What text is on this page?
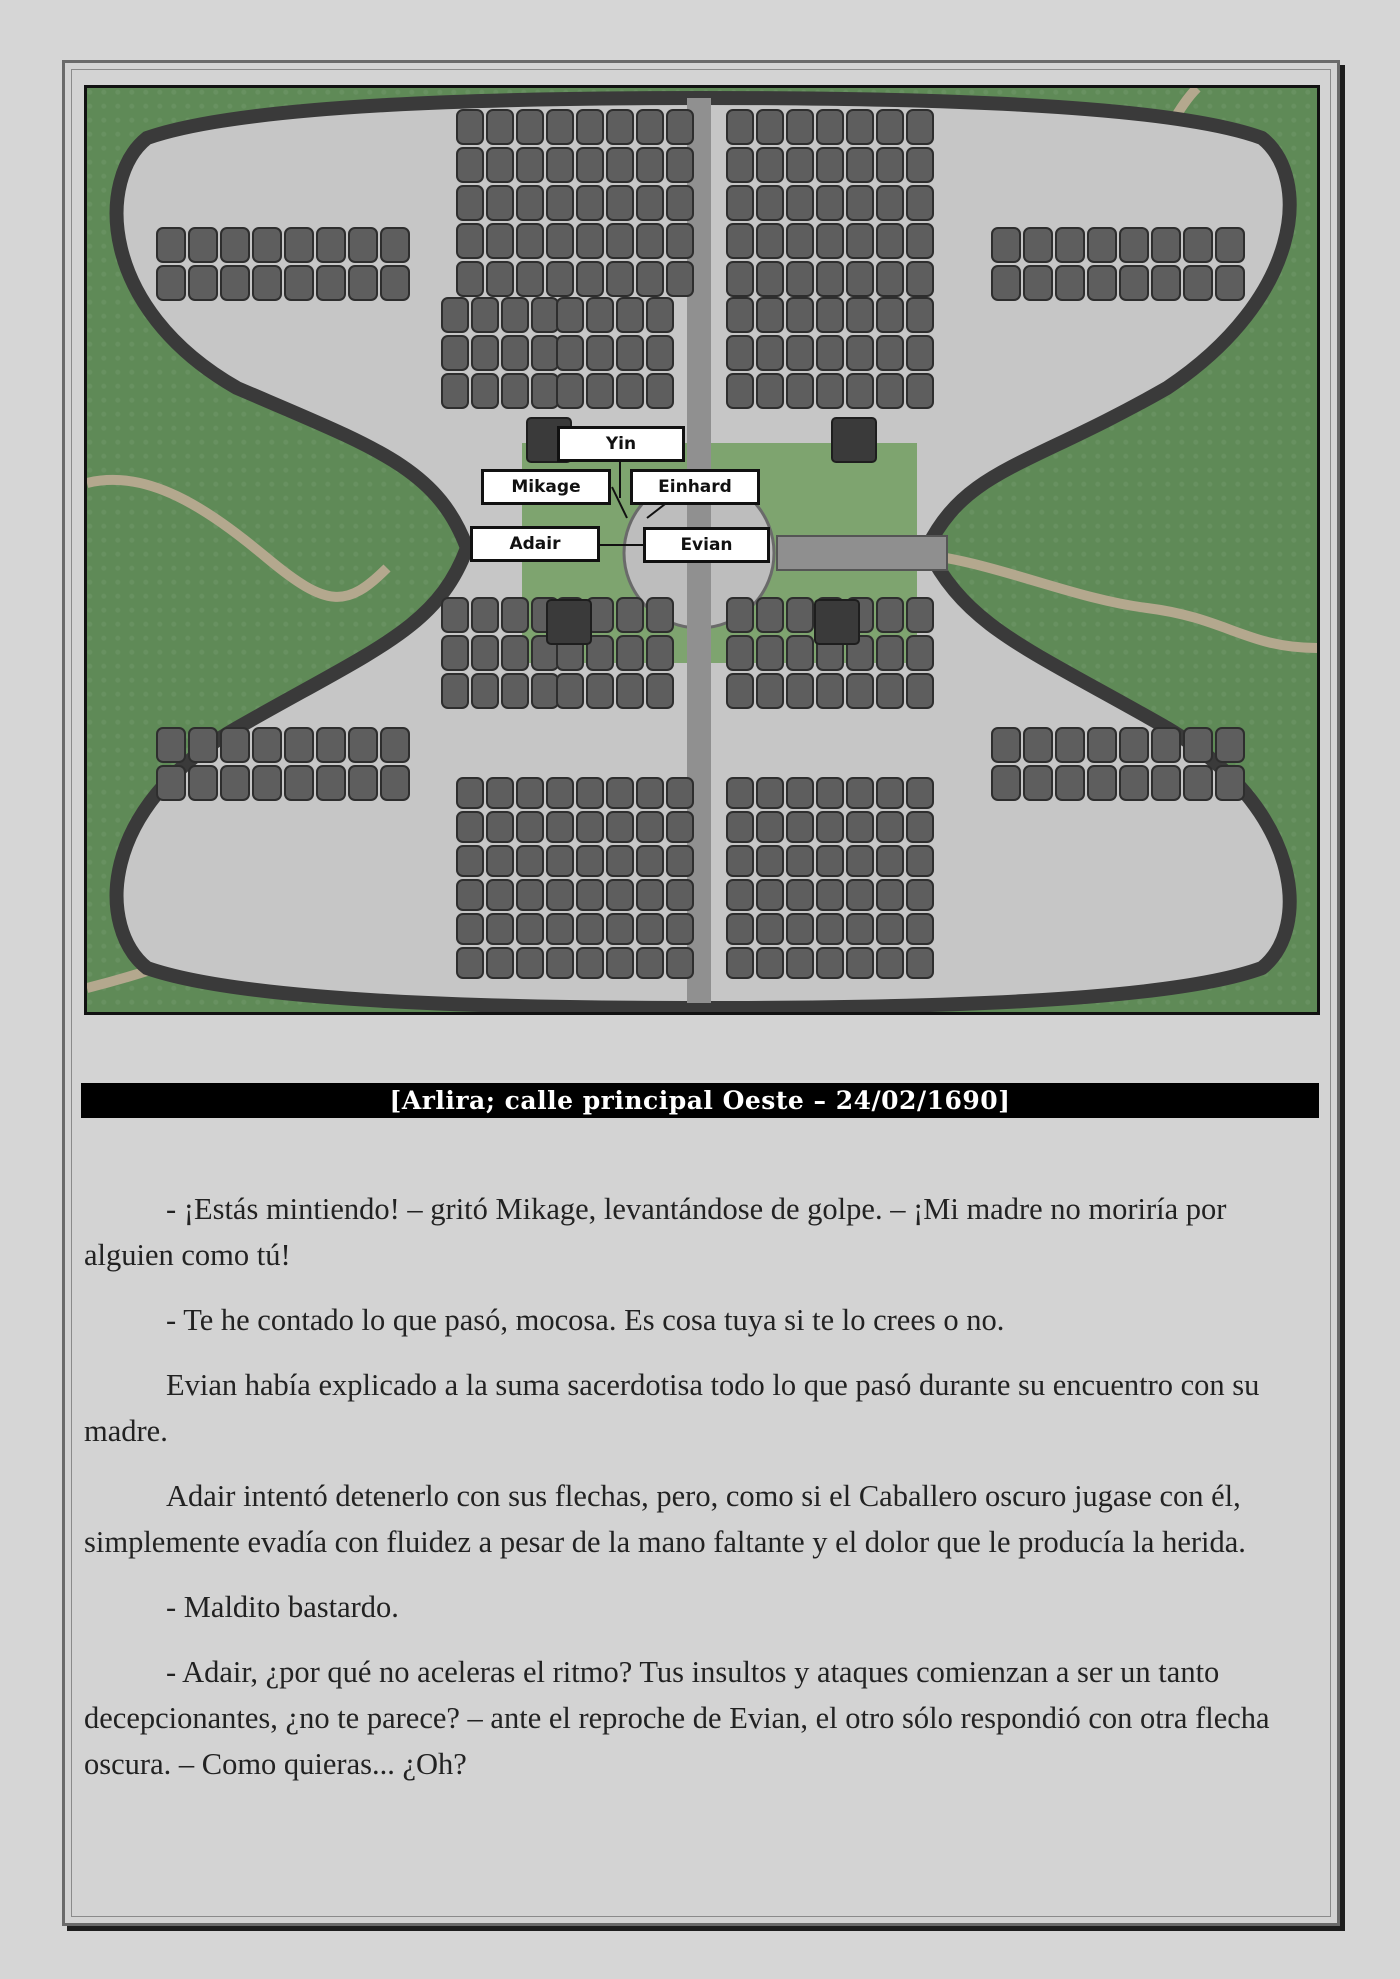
Yin
Mikage	Einhard
Adair	Evian
[Arlira; calle principal Oeste – 24/02/1690]

- ¡Estás mintiendo! – gritó Mikage, levantándose de golpe. – ¡Mi madre no moriría por alguien como tú!

- Te he contado lo que pasó, mocosa. Es cosa tuya si te lo crees o no.

Evian había explicado a la suma sacerdotisa todo lo que pasó durante su encuentro con su madre.

Adair intentó detenerlo con sus flechas, pero, como si el Caballero oscuro jugase con él, simplemente evadía con fluidez a pesar de la mano faltante y el dolor que le producía la herida.

- Maldito bastardo.

- Adair, ¿por qué no aceleras el ritmo? Tus insultos y ataques comienzan a ser un tanto decepcionantes, ¿no te parece? – ante el reproche de Evian, el otro sólo respondió con otra flecha oscura. – Como quieras... ¿Oh?
